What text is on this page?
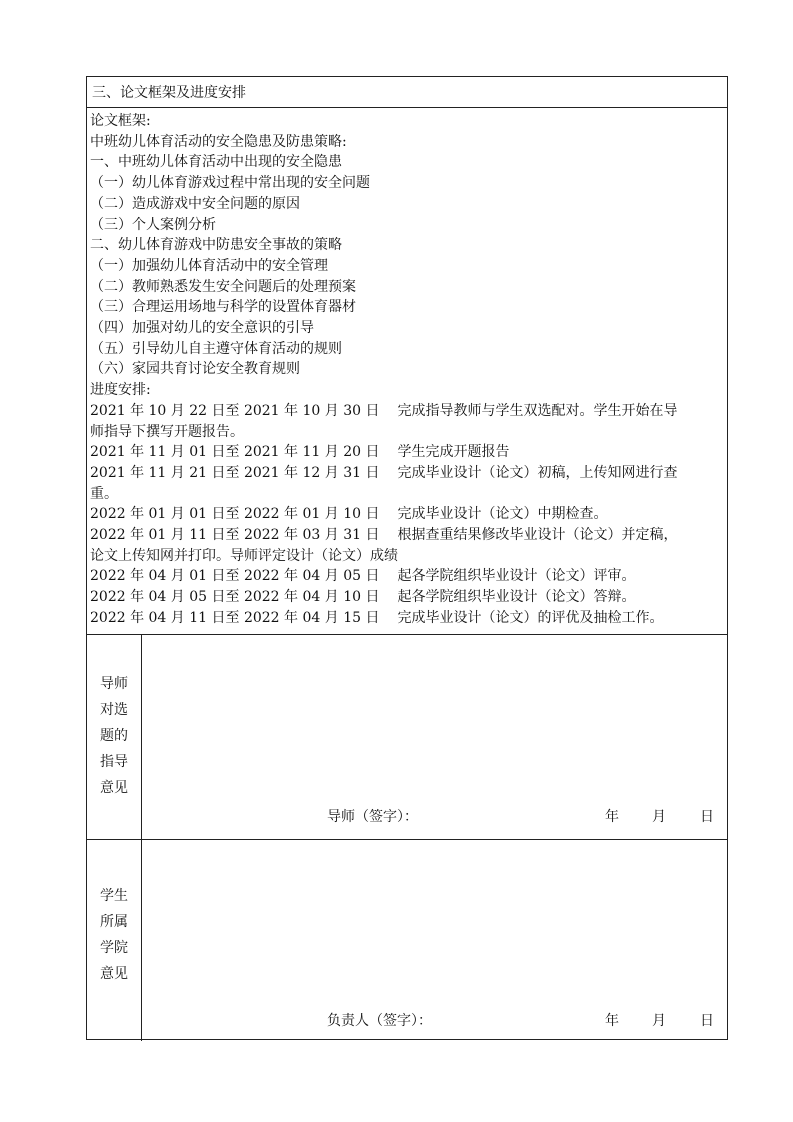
三、论文框架及进度安排
论文框架:
中班幼儿体育活动的安全隐患及防患策略:
一、中班幼儿体育活动中出现的安全隐患
（一）幼儿体育游戏过程中常出现的安全问题
（二）造成游戏中安全问题的原因
（三）个人案例分析
二、幼儿体育游戏中防患安全事故的策略
（一）加强幼儿体育活动中的安全管理
（二）教师熟悉发生安全问题后的处理预案
（三）合理运用场地与科学的设置体育器材
（四）加强对幼儿的安全意识的引导
（五）引导幼儿自主遵守体育活动的规则
（六）家园共育讨论安全教育规则
进度安排:
2021 年 10 月 22 日至 2021 年 10 月 30 日 完成指导教师与学生双选配对。学生开始在导
师指导下撰写开题报告。
2021 年 11 月 01 日至 2021 年 11 月 20 日 学生完成开题报告
2021 年 11 月 21 日至 2021 年 12 月 31 日 完成毕业设计（论文）初稿，上传知网进行查
重。
2022 年 01 月 01 日至 2022 年 01 月 10 日 完成毕业设计（论文）中期检查。
2022 年 01 月 11 日至 2022 年 03 月 31 日 根据查重结果修改毕业设计（论文）并定稿，
论文上传知网并打印。导师评定设计（论文）成绩
2022 年 04 月 01 日至 2022 年 04 月 05 日 起各学院组织毕业设计（论文）评审。
2022 年 04 月 05 日至 2022 年 04 月 10 日 起各学院组织毕业设计（论文）答辩。
2022 年 04 月 11 日至 2022 年 04 月 15 日 完成毕业设计（论文）的评优及抽检工作。
导师
对选
题的
指导
意见
导师（签字）：	年 月 日
学生
所属
学院
意见
负责人（签字）：	年 月 日
